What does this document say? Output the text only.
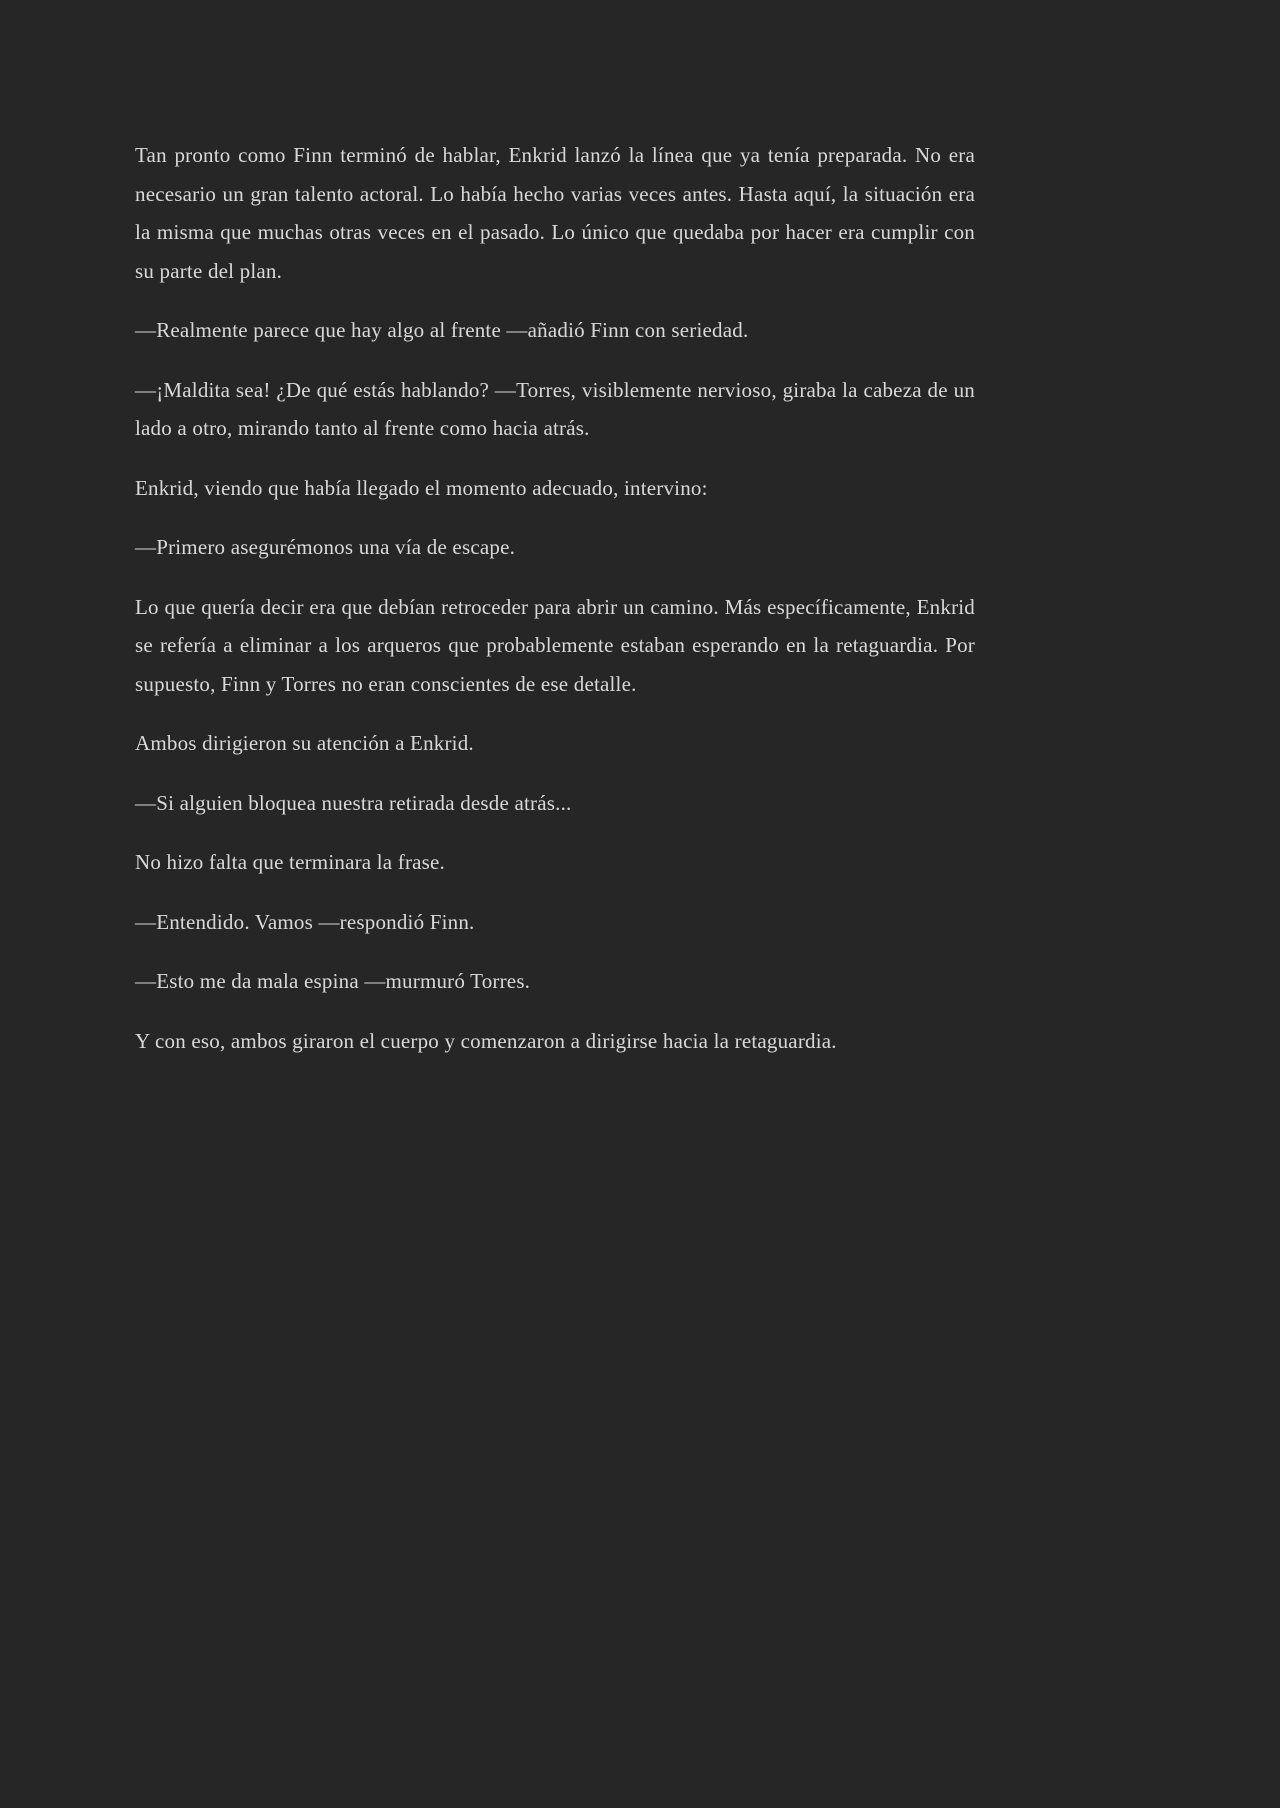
Tan pronto como Finn terminó de hablar, Enkrid lanzó la línea que ya tenía preparada. No era necesario un gran talento actoral. Lo había hecho varias veces antes. Hasta aquí, la situación era la misma que muchas otras veces en el pasado. Lo único que quedaba por hacer era cumplir con su parte del plan.

—Realmente parece que hay algo al frente —añadió Finn con seriedad.

—¡Maldita sea! ¿De qué estás hablando? —Torres, visiblemente nervioso, giraba la cabeza de un lado a otro, mirando tanto al frente como hacia atrás.

Enkrid, viendo que había llegado el momento adecuado, intervino:

—Primero asegurémonos una vía de escape.

Lo que quería decir era que debían retroceder para abrir un camino. Más específicamente, Enkrid se refería a eliminar a los arqueros que probablemente estaban esperando en la retaguardia. Por supuesto, Finn y Torres no eran conscientes de ese detalle.

Ambos dirigieron su atención a Enkrid.

—Si alguien bloquea nuestra retirada desde atrás...

No hizo falta que terminara la frase.

—Entendido. Vamos —respondió Finn.

—Esto me da mala espina —murmuró Torres.

Y con eso, ambos giraron el cuerpo y comenzaron a dirigirse hacia la retaguardia.
